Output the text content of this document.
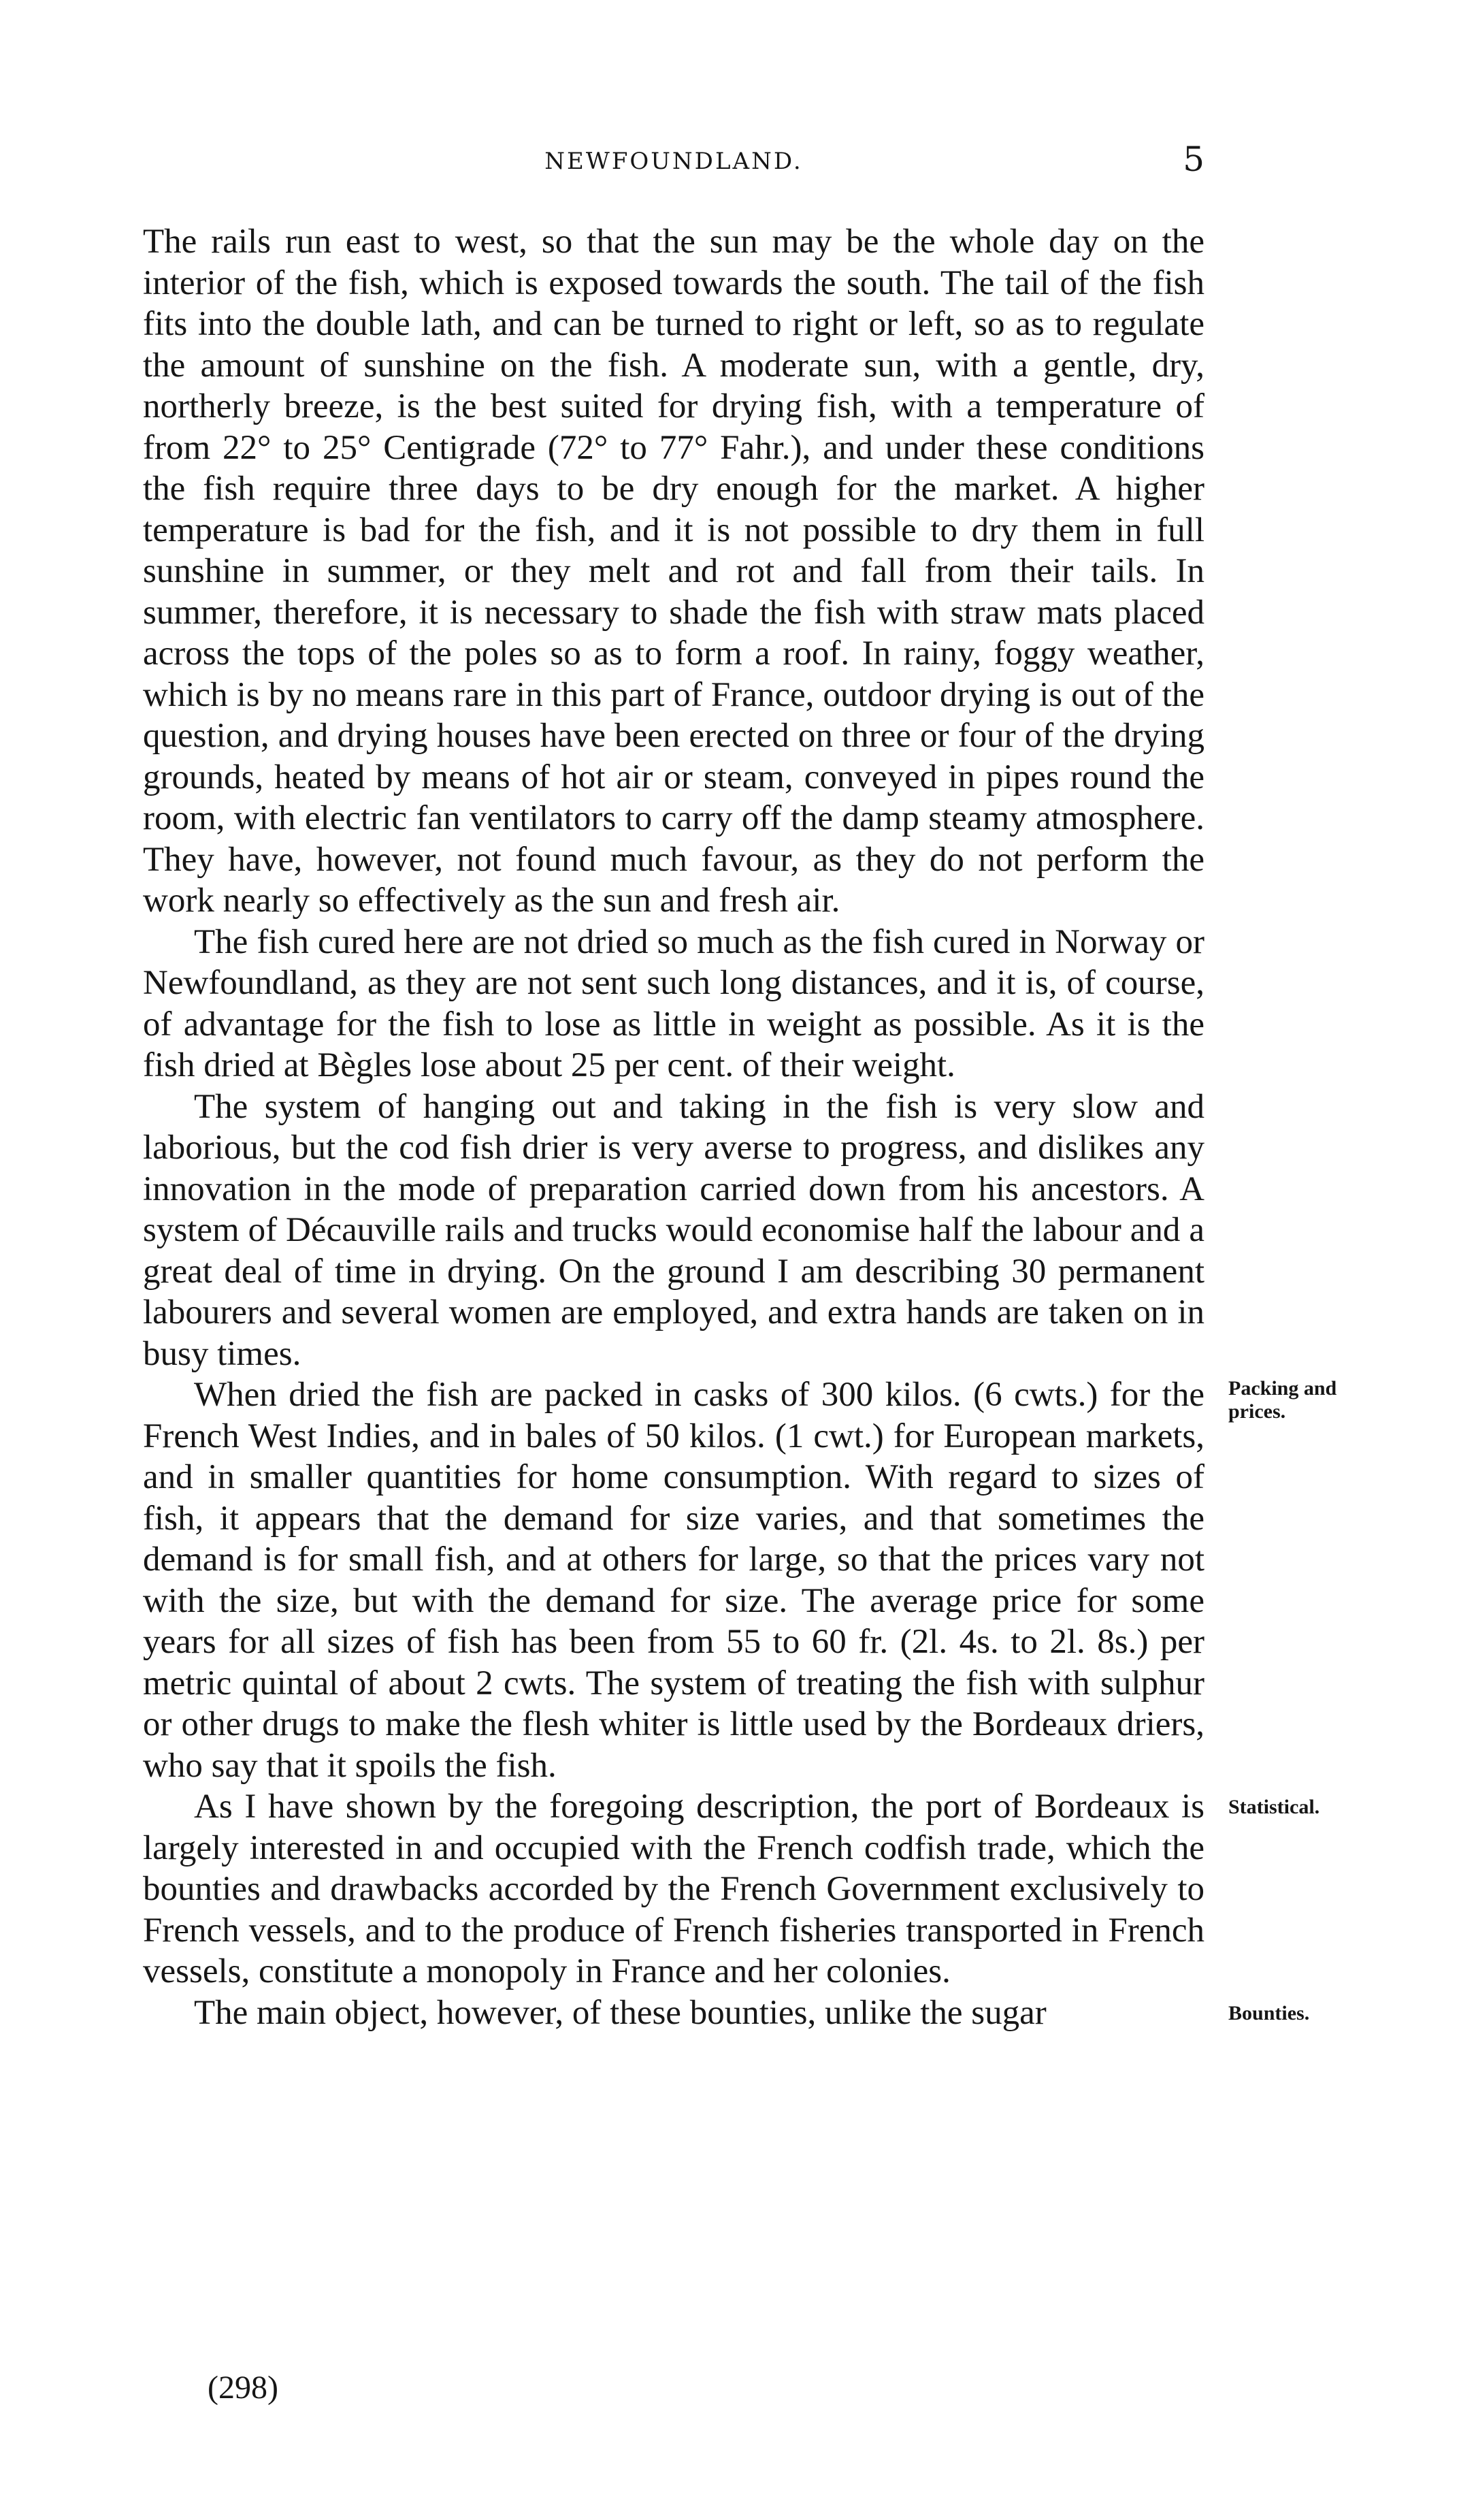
NEWFOUNDLAND.	5

The rails run east to west, so that the sun may be the whole day on the interior of the fish, which is exposed towards the south. The tail of the fish fits into the double lath, and can be turned to right or left, so as to regulate the amount of sunshine on the fish. A moderate sun, with a gentle, dry, northerly breeze, is the best suited for drying fish, with a temperature of from 22° to 25° Centigrade (72° to 77° Fahr.), and under these conditions the fish require three days to be dry enough for the market. A higher temperature is bad for the fish, and it is not possible to dry them in full sunshine in summer, or they melt and rot and fall from their tails. In summer, therefore, it is necessary to shade the fish with straw mats placed across the tops of the poles so as to form a roof. In rainy, foggy weather, which is by no means rare in this part of France, outdoor drying is out of the question, and drying houses have been erected on three or four of the drying grounds, heated by means of hot air or steam, conveyed in pipes round the room, with electric fan ventilators to carry off the damp steamy atmosphere. They have, however, not found much favour, as they do not perform the work nearly so effectively as the sun and fresh air.

The fish cured here are not dried so much as the fish cured in Norway or Newfoundland, as they are not sent such long distances, and it is, of course, of advantage for the fish to lose as little in weight as possible. As it is the fish dried at Bègles lose about 25 per cent. of their weight.

The system of hanging out and taking in the fish is very slow and laborious, but the cod fish drier is very averse to progress, and dislikes any innovation in the mode of preparation carried down from his ancestors. A system of Décauville rails and trucks would economise half the labour and a great deal of time in drying. On the ground I am describing 30 permanent labourers and several women are employed, and extra hands are taken on in busy times.

Packing and prices.
When dried the fish are packed in casks of 300 kilos. (6 cwts.) for the French West Indies, and in bales of 50 kilos. (1 cwt.) for European markets, and in smaller quantities for home consumption. With regard to sizes of fish, it appears that the demand for size varies, and that sometimes the demand is for small fish, and at others for large, so that the prices vary not with the size, but with the demand for size. The average price for some years for all sizes of fish has been from 55 to 60 fr. (2l. 4s. to 2l. 8s.) per metric quintal of about 2 cwts. The system of treating the fish with sulphur or other drugs to make the flesh whiter is little used by the Bordeaux driers, who say that it spoils the fish.

Statistical.
As I have shown by the foregoing description, the port of Bordeaux is largely interested in and occupied with the French codfish trade, which the bounties and drawbacks accorded by the French Government exclusively to French vessels, and to the produce of French fisheries transported in French vessels, constitute a monopoly in France and her colonies.

Bounties.
The main object, however, of these bounties, unlike the sugar

(298)
